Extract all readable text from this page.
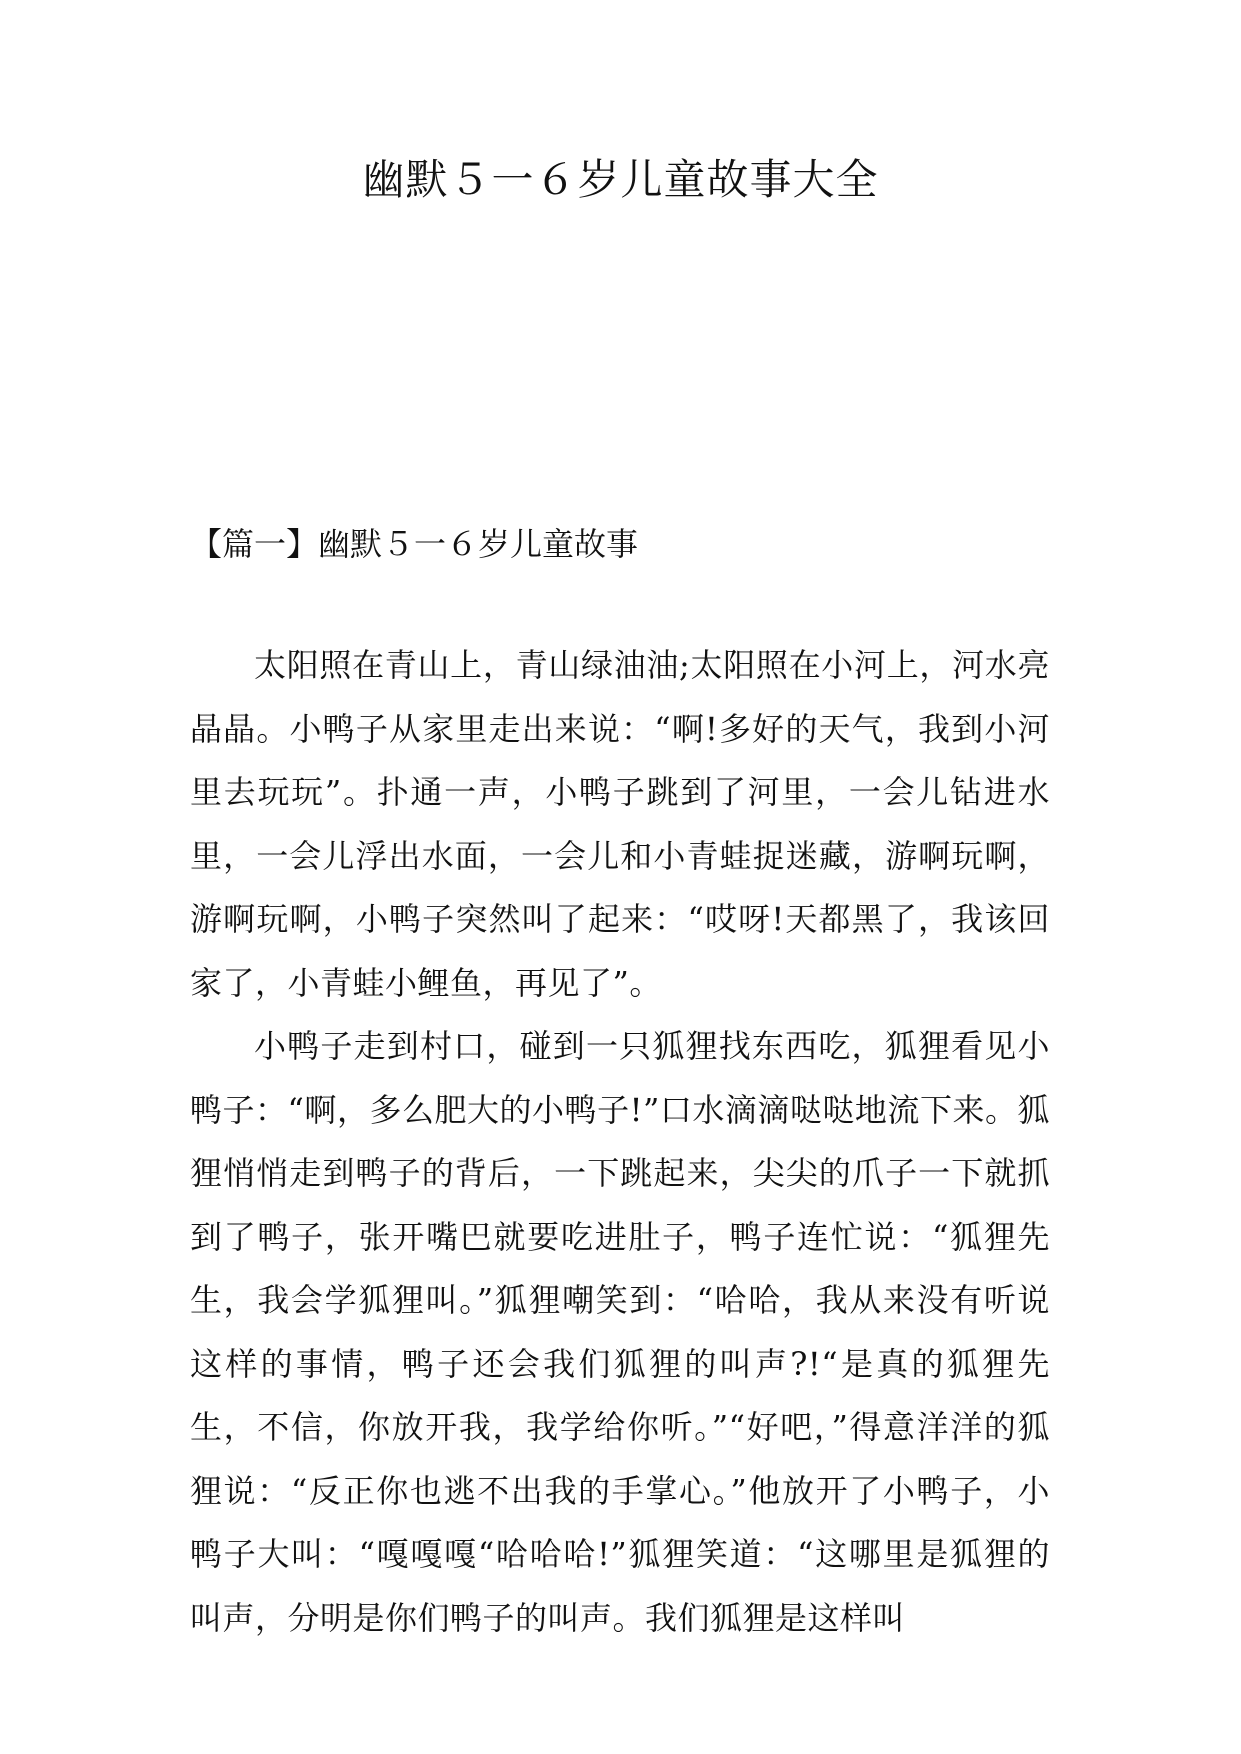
幽默５一６岁儿童故事大全
【篇一】幽默５一６岁儿童故事

太阳照在青山上，青山绿油油;太阳照在小河上，河水亮晶晶。小鸭子从家里走出来说：“啊!多好的天气，我到小河里去玩玩”。扑通一声，小鸭子跳到了河里，一会儿钻进水里，一会儿浮出水面，一会儿和小青蛙捉迷藏，游啊玩啊，游啊玩啊，小鸭子突然叫了起来：“哎呀!天都黑了，我该回家了，小青蛙小鲤鱼，再见了”。

小鸭子走到村口，碰到一只狐狸找东西吃，狐狸看见小鸭子：“啊，多么肥大的小鸭子!”口水滴滴哒哒地流下来。狐狸悄悄走到鸭子的背后，一下跳起来，尖尖的爪子一下就抓到了鸭子，张开嘴巴就要吃进肚子，鸭子连忙说：“狐狸先生，我会学狐狸叫。”狐狸嘲笑到：“哈哈，我从来没有听说这样的事情，鸭子还会我们狐狸的叫声?!“是真的狐狸先生，不信，你放开我，我学给你听。”“好吧，”得意洋洋的狐狸说：“反正你也逃不出我的手掌心。”他放开了小鸭子，小鸭子大叫：“嘎嘎嘎“哈哈哈!”狐狸笑道：“这哪里是狐狸的叫声，分明是你们鸭子的叫声。我们狐狸是这样叫
